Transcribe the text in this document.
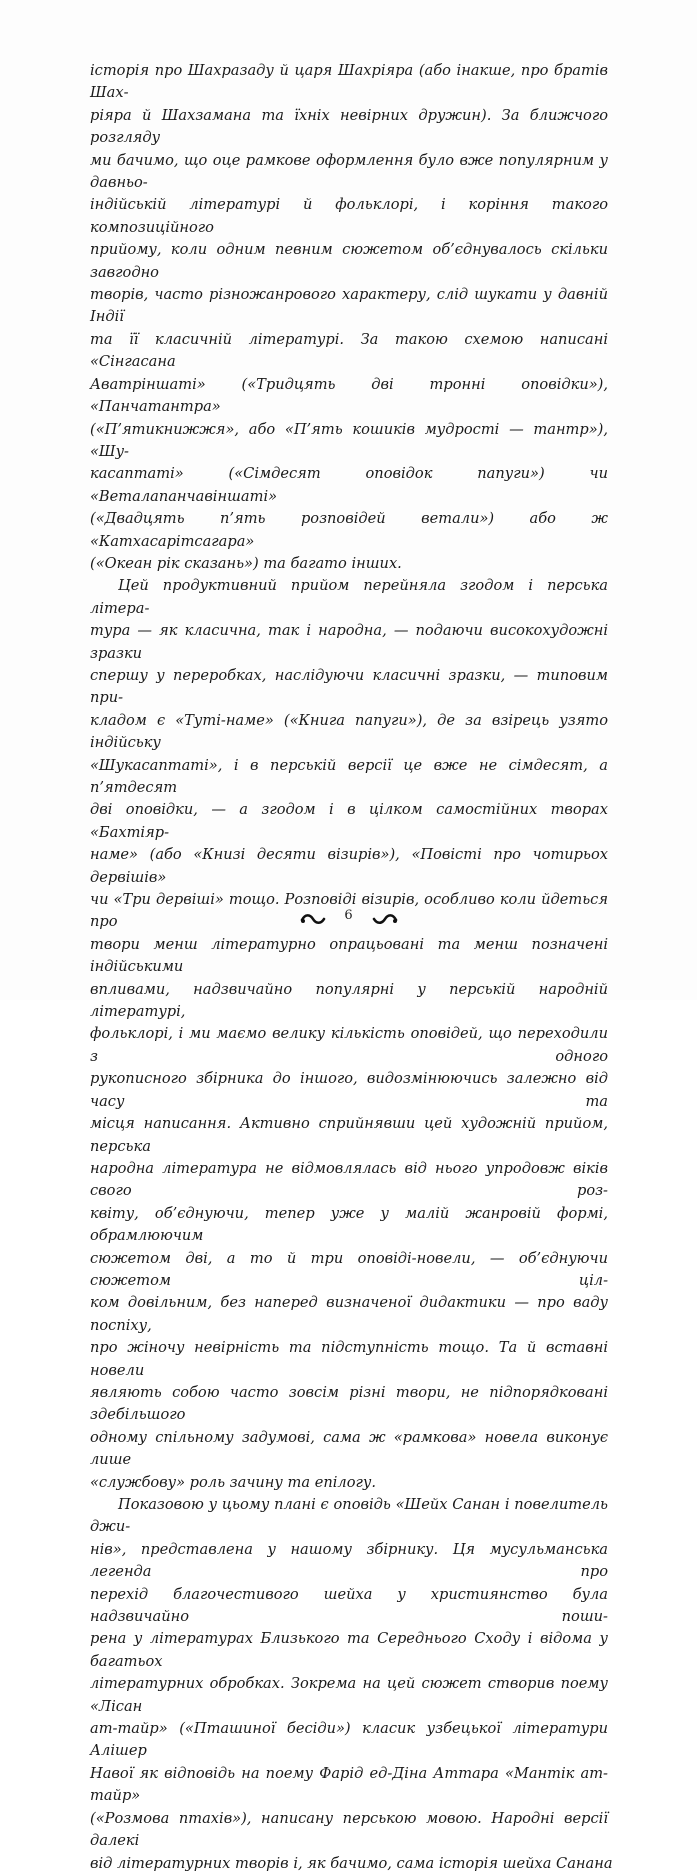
історія про Шахразаду й царя Шахріяра (або інакше, про братів Шах-
ріяра й Шахзамана та їхніх невірних дружин). За ближчого розгляду
ми бачимо, що оце рамкове оформлення було вже популярним у давньо-
індійській літературі й фольклорі, і коріння такого композиційного
прийому, коли одним певним сюжетом об’єднувалось скільки завгодно
творів, часто різножанрового характеру, слід шукати у давній Індії
та її класичній літературі. За такою схемою написані «Сінгасана
Аватріншаті» («Тридцять дві тронні оповідки»), «Панчатантра»
(«П’ятикнижжя», або «П’ять кошиків мудрості — тантр»), «Шу-
касаптаті» («Сімдесят оповідок папуги») чи «Веталапанчавіншаті»
(«Двадцять п’ять розповідей ветали») або ж «Катхасарітсагара»
(«Океан рік сказань») та багато інших.
Цей продуктивний прийом перейняла згодом і перська літера-
тура — як класична, так і народна, — подаючи високохудожні зразки
спершу у переробках, наслідуючи класичні зразки, — типовим при-
кладом є «Туті-наме» («Книга папуги»), де за взірець узято індійську
«Шукасаптаті», і в перській версії це вже не сімдесят, а п’ятдесят
дві оповідки, — а згодом і в цілком самостійних творах «Бахтіяр-
наме» (або «Книзі десяти візирів»), «Повісті про чотирьох дервішів»
чи «Три дервіші» тощо. Розповіді візирів, особливо коли йдеться про
твори менш літературно опрацьовані та менш позначені індійськими
впливами, надзвичайно популярні у перській народній літературі,
фольклорі, і ми маємо велику кількість оповідей, що переходили з одного
рукописного збірника до іншого, видозмінюючись залежно від часу та
місця написання. Активно сприйнявши цей художній прийом, перська
народна література не відмовлялась від нього упродовж віків свого роз-
квіту, об’єднуючи, тепер уже у малій жанровій формі, обрамлюючим
сюжетом дві, а то й три оповіді-новели, — об’єднуючи сюжетом ціл-
ком довільним, без наперед визначеної дидактики — про ваду поспіху,
про жіночу невірність та підступність тощо. Та й вставні новели
являють собою часто зовсім різні твори, не підпорядковані здебільшого
одному спільному задумові, сама ж «рамкова» новела виконує лише
«службову» роль зачину та епілогу.
Показовою у цьому плані є оповідь «Шейх Санан і повелитель джи-
нів», представлена у нашому збірнику. Ця мусульманська легенда про
перехід благочестивого шейха у християнство була надзвичайно поши-
рена у літературах Близького та Середнього Сходу і відома у багатьох
літературних обробках. Зокрема на цей сюжет створив поему «Лісан
ат-тайр» («Пташиної бесіди») класик узбецької літератури Алішер
Навої як відповідь на поему Фарід ед-Діна Аттара «Мантік ат-тайр»
(«Розмова птахів»), написану перською мовою. Народні версії далекі
від літературних творів і, як бачимо, сама історія шейха Санана
6
